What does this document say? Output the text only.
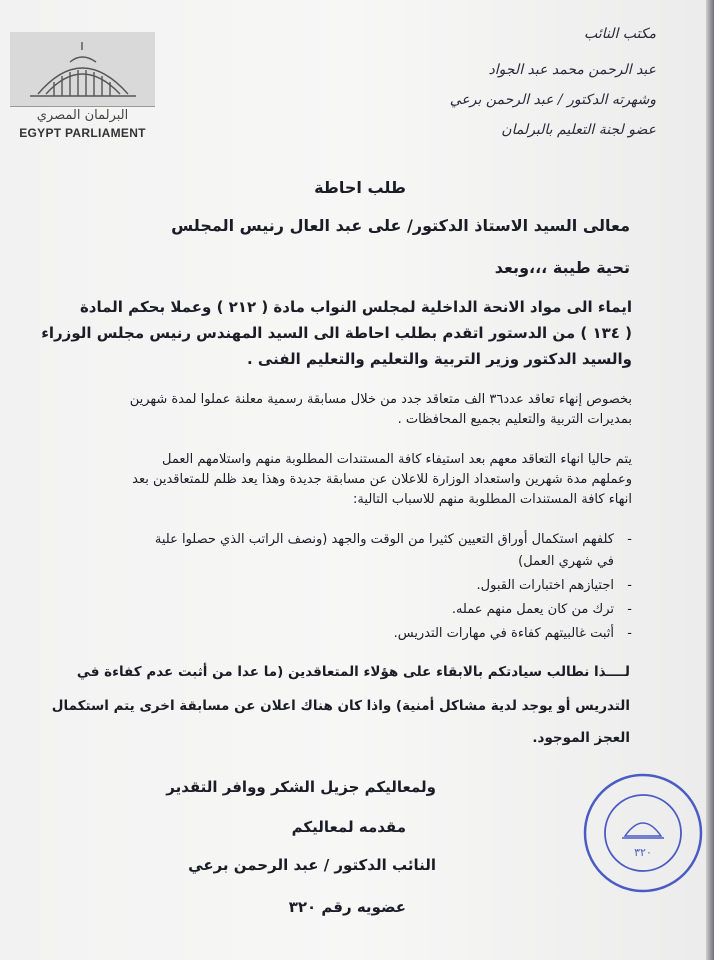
البرلمان المصري
EGYPT PARLIAMENT
مكتب النائب
عبد الرحمن محمد عبد الجواد
وشهرته الدكتور / عبد الرحمن برعي
عضو لجنة التعليم بالبرلمان
طلب احاطة
معالى السيد الاستاذ الدكتور/ على عبد العال رنيس المجلس
تحية طيبة ،،،وبعد
ايماء الى مواد الانحة الداخلية لمجلس النواب مادة ( ٢١٢ ) وعملا بحكم المادة
( ١٣٤ ) من الدستور اتقدم بطلب احاطة الى السيد المهندس رنيس مجلس الوزراء
والسيد الدكتور وزير التربية والتعليم والتعليم الفنى .
بخصوص إنهاء تعاقد عدد٣٦ الف متعاقد جدد من خلال مسابقة رسمية معلنة عملوا لمدة شهرين
بمديرات التربية والتعليم بجميع المحافظات .
يتم حاليا انهاء التعاقد معهم بعد استيفاء كافة المستندات المطلوبة منهم واستلامهم العمل
وعملهم مدة شهرين واستعداد الوزارة للاعلان عن مسابقة جديدة وهذا يعد ظلم للمتعاقدين بعد
انهاء كافة المستندات المطلوبة منهم للاسباب التالية:
- كلفهم استكمال أوراق التعيين كثيرا من الوقت والجهد (ونصف الراتب الذي حصلوا علية
في شهري العمل)
- اجتيازهم اختبارات القبول.
- ترك من كان يعمل منهم عمله.
- أثبت غالبيتهم كفاءة في مهارات التدريس.
لــــذا نطالب سيادتكم بالابقاء على هؤلاء المتعاقدين (ما عدا من أثبت عدم كفاءة في
التدريس أو يوجد لدية مشاكل أمنية) واذا كان هناك اعلان عن مسابقة اخرى يتم استكمال
العجز الموجود.
ولمعاليكم جزيل الشكر ووافر التقدير
مقدمه لمعاليكم
النائب الدكتور / عبد الرحمن برعي
عضويه رقم ٣٢٠
٣٢٠
